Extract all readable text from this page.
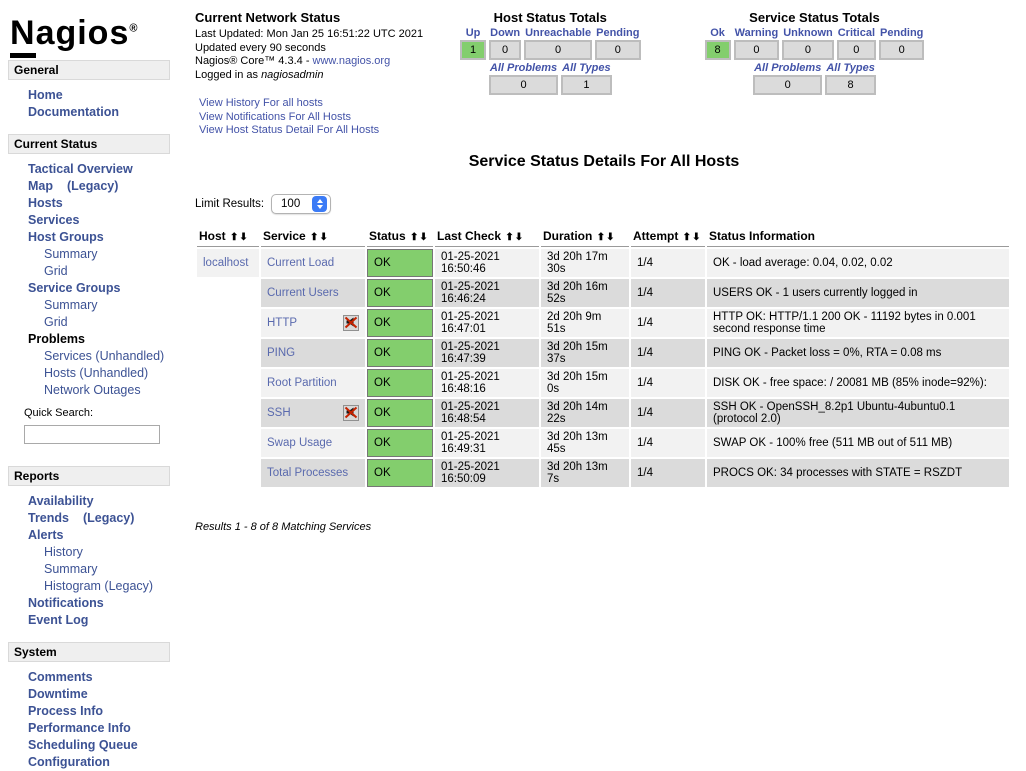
Nagios®
General
Home
Documentation
Current Status
Tactical Overview
Map (Legacy)
Hosts
Services
Host Groups
Summary
Grid
Service Groups
Summary
Grid
Problems
Services (Unhandled)
Hosts (Unhandled)
Network Outages
Quick Search:
Reports
Availability
Trends (Legacy)
Alerts
History
Summary
Histogram (Legacy)
Notifications
Event Log
System
Comments
Downtime
Process Info
Performance Info
Scheduling Queue
Configuration
Current Network Status
Last Updated: Mon Jan 25 16:51:22 UTC 2021
Updated every 90 seconds
Nagios® Core™ 4.3.4 - www.nagios.org
Logged in as nagiosadmin
View History For all hosts
View Notifications For All Hosts
View Host Status Detail For All Hosts
Host Status Totals
Up	Down	Unreachable	Pending
1	0	0	0
All Problems	All Types
0	1
Service Status Totals
Ok	Warning	Unknown	Critical	Pending
8	0	0	0	0
All Problems	All Types
0	8
Service Status Details For All Hosts
Limit Results: 100
Host ⬆⬇	Service ⬆⬇	Status ⬆⬇	Last Check ⬆⬇	Duration ⬆⬇	Attempt ⬆⬇	Status Information
localhost	Current Load	OK	01-25-2021 16:50:46	3d 20h 17m 30s	1/4	OK - load average: 0.04, 0.02, 0.02
	Current Users	OK	01-25-2021 16:46:24	3d 20h 16m 52s	1/4	USERS OK - 1 users currently logged in

	HTTP	OK	01-25-2021 16:47:01	2d 20h 9m 51s	1/4	HTTP OK: HTTP/1.1 200 OK - 11192 bytes in 0.001 second response time
	PING	OK	01-25-2021 16:47:39	3d 20h 15m 37s	1/4	PING OK - Packet loss = 0%, RTA = 0.08 ms
	Root Partition	OK	01-25-2021 16:48:16	3d 20h 15m 0s	1/4	DISK OK - free space: / 20081 MB (85% inode=92%):

	SSH	OK	01-25-2021 16:48:54	3d 20h 14m 22s	1/4	SSH OK - OpenSSH_8.2p1 Ubuntu-4ubuntu0.1 (protocol 2.0)
	Swap Usage	OK	01-25-2021 16:49:31	3d 20h 13m 45s	1/4	SWAP OK - 100% free (511 MB out of 511 MB)
	Total Processes	OK	01-25-2021 16:50:09	3d 20h 13m 7s	1/4	PROCS OK: 34 processes with STATE = RSZDT
Results 1 - 8 of 8 Matching Services
